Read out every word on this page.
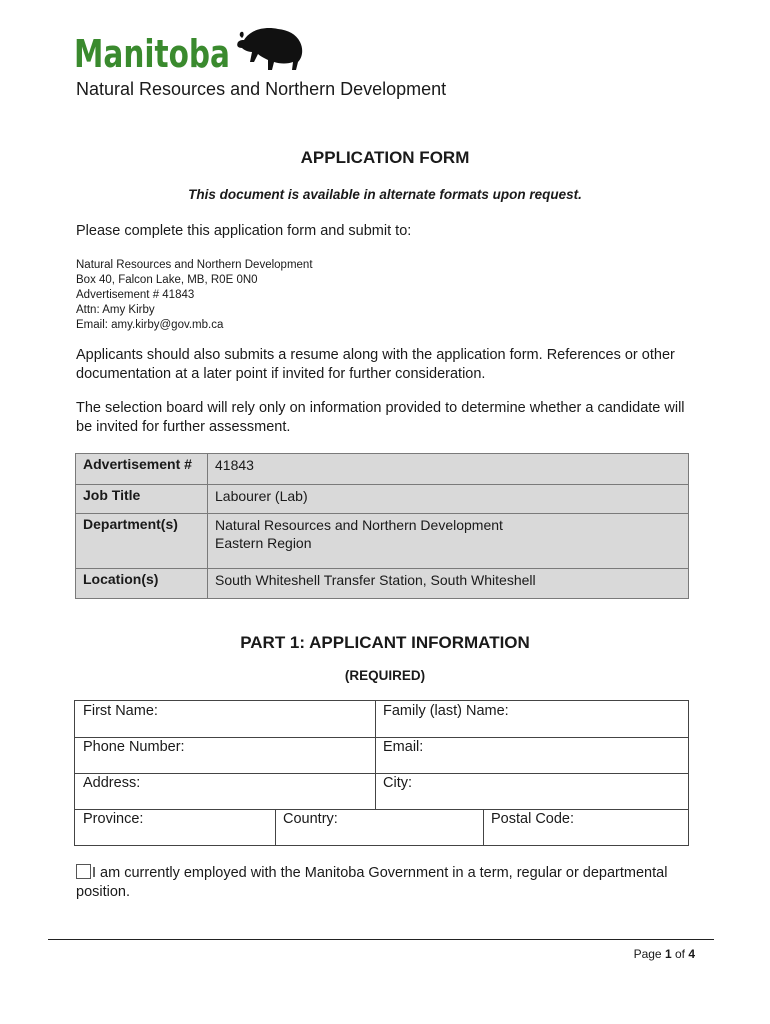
Manitoba
Natural Resources and Northern Development
APPLICATION FORM
This document is available in alternate formats upon request.
Please complete this application form and submit to:
Natural Resources and Northern Development
Box 40, Falcon Lake, MB, R0E 0N0
Advertisement # 41843
Attn: Amy Kirby
Email: amy.kirby@gov.mb.ca
Applicants should also submits a resume along with the application form. References or other documentation at a later point if invited for further consideration.
The selection board will rely only on information provided to determine whether a candidate will be invited for further assessment.
Advertisement #	41843

Job Title	Labourer (Lab)

Department(s)	Natural Resources and Northern Development
Eastern Region

Location(s)	South Whiteshell Transfer Station, South Whiteshell
PART 1: APPLICANT INFORMATION
(REQUIRED)
First Name:	Family (last) Name:
Phone Number:	Email:
Address:	City:
Province:	Country:	Postal Code:
I am currently employed with the Manitoba Government in a term, regular or departmental position.
Page 1 of 4
